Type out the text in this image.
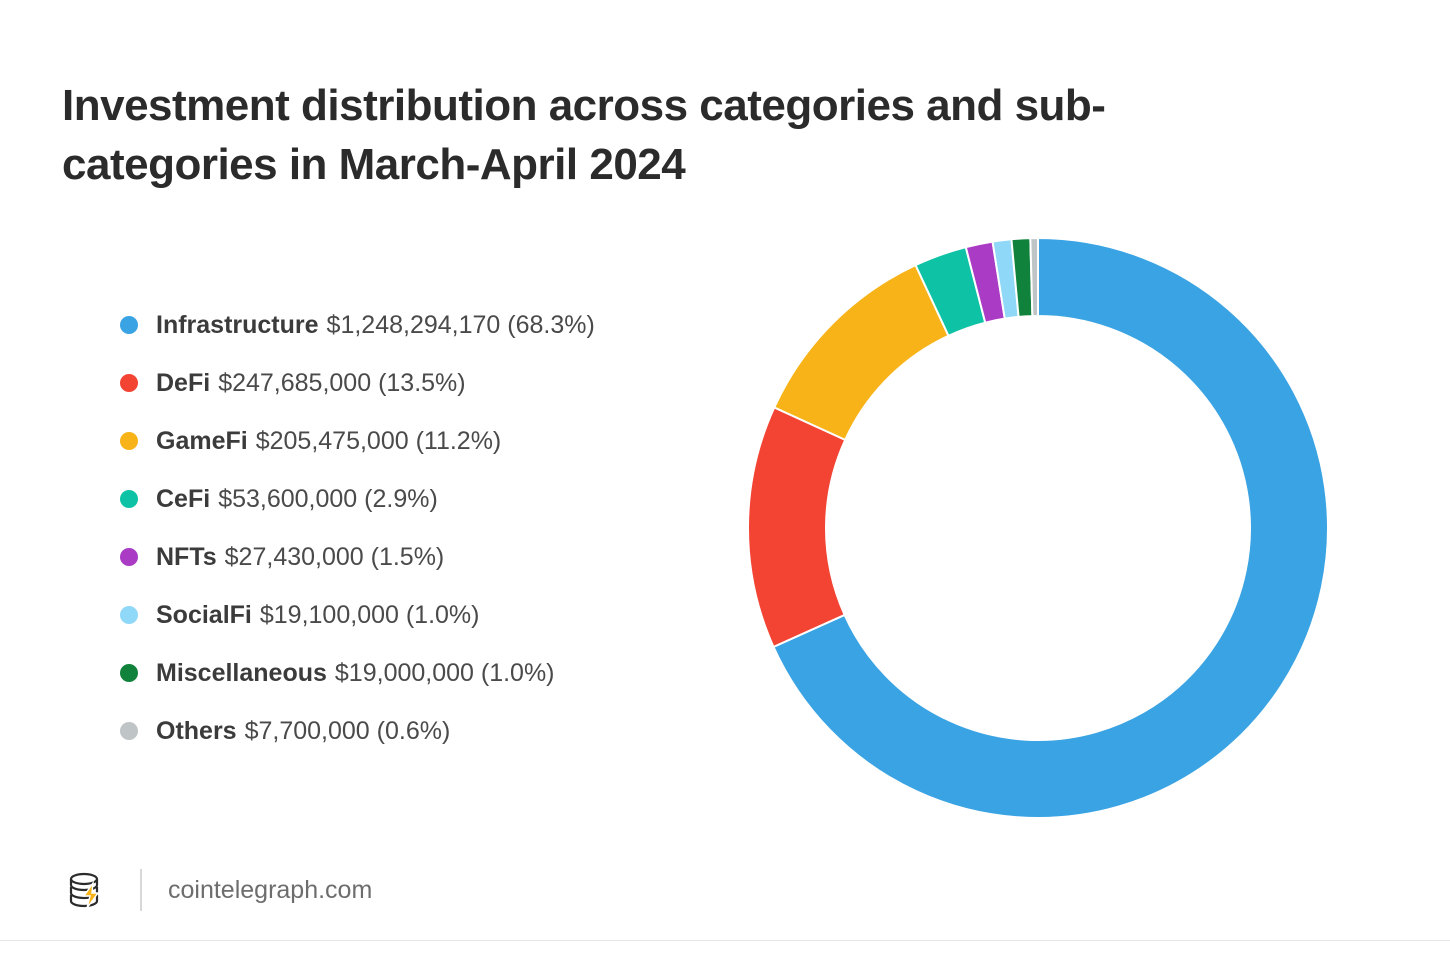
Investment distribution across categories and sub-categories in March-April 2024
Infrastructure $1,248,294,170 (68.3%)
DeFi $247,685,000 (13.5%)
GameFi $205,475,000 (11.2%)
CeFi $53,600,000 (2.9%)
NFTs $27,430,000 (1.5%)
SocialFi $19,100,000 (1.0%)
Miscellaneous $19,000,000 (1.0%)
Others $7,700,000 (0.6%)
cointelegraph.com
